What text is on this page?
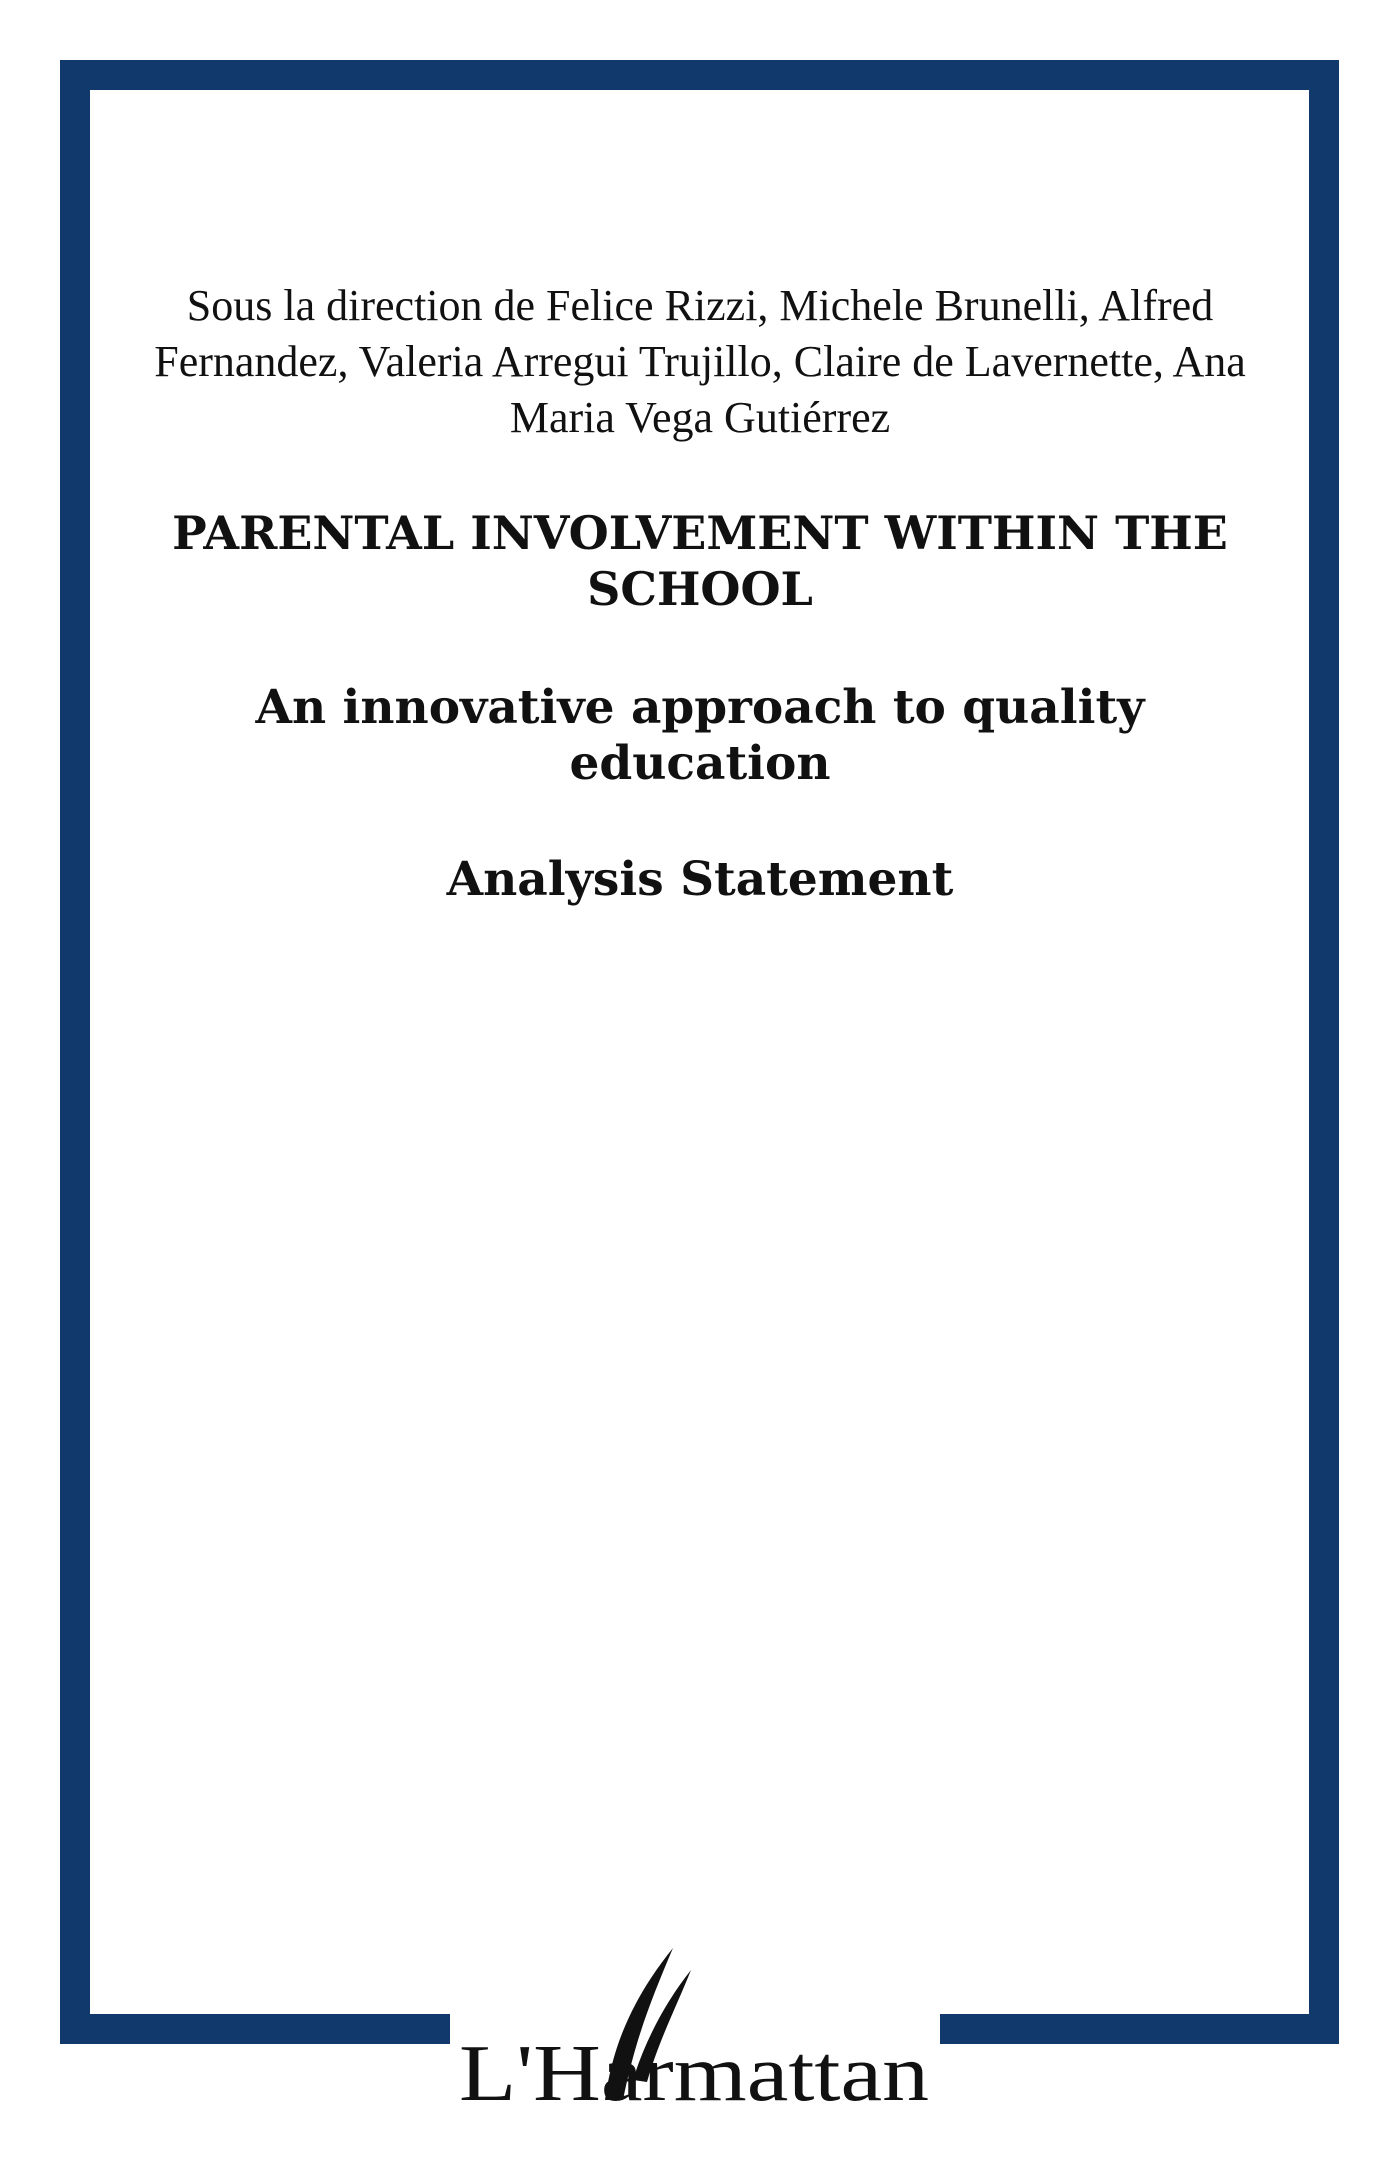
Sous la direction de Felice Rizzi, Michele Brunelli, Alfred Fernandez, Valeria Arregui Trujillo, Claire de Lavernette, Ana Maria Vega Gutiérrez
PARENTAL INVOLVEMENT WITHIN THE SCHOOL
An innovative approach to quality education
Analysis Statement
L'Harmattan
